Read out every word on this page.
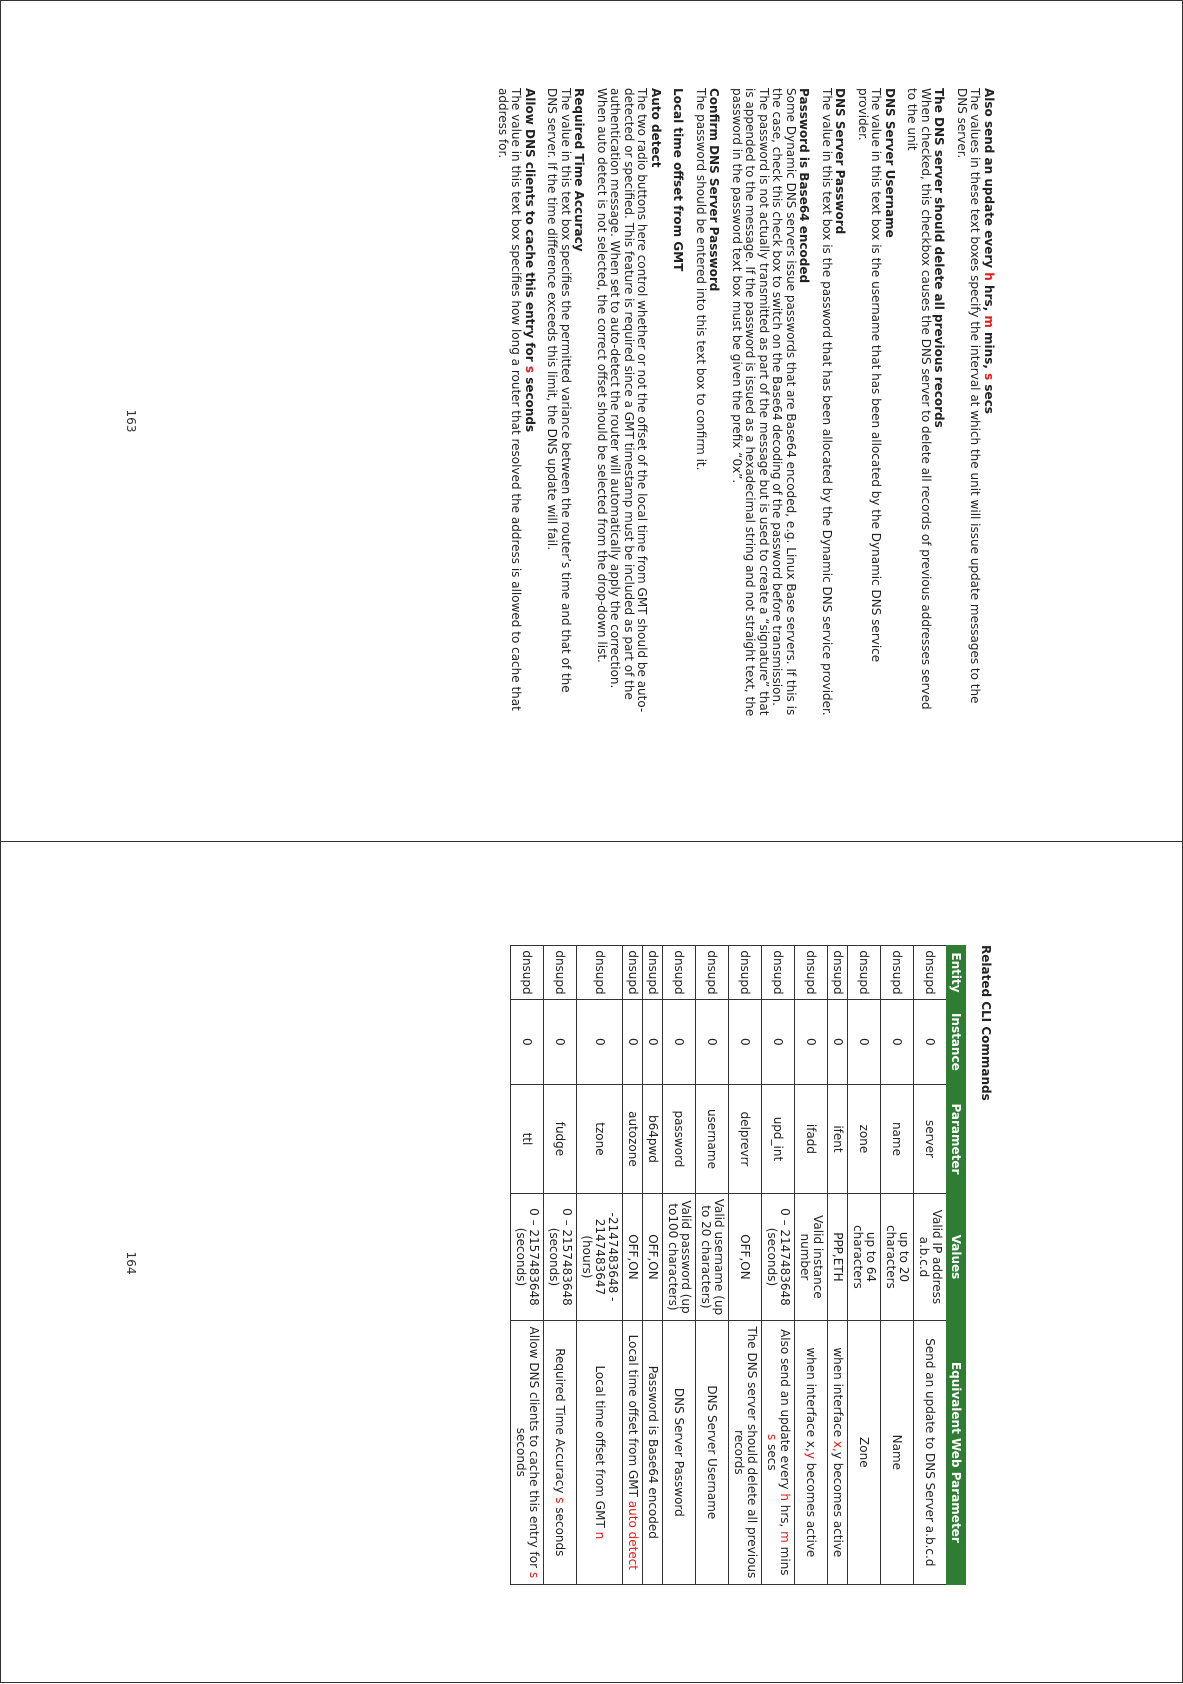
Also send an update every h hrs, m mins, s secs
The values in these text boxes specify the interval at which the unit will issue update messages to the DNS server.
The DNS server should delete all previous records
When checked, this checkbox causes the DNS server to delete all records of previous addresses served to the unit
DNS Server Username
The value in this text box is the username that has been allocated by the Dynamic DNS service provider.
DNS Server Password
The value in this text box is the password that has been allocated by the Dynamic DNS service provider.
Password is Base64 encoded
Some Dynamic DNS servers issue passwords that are Base64 encoded, e.g. Linux Base servers. If this is the case, check this check box to switch on the Base64 decoding of the password before transmission. The password is not actually transmitted as part of the message but is used to create a “signature” that is appended to the message. If the password is issued as a hexadecimal string and not straight text, the password in the password text box must be given the prefix “0x”.
Confirm DNS Server Password
The password should be entered into this text box to confirm it.
Local time offset from GMT
Auto detect
The two radio buttons here control whether or not the offset of the local time from GMT should be auto-detected or specified. This feature is required since a GMT timestamp must be included as part of the authentication message. When set to auto-detect the router will automatically apply the correction. When auto detect is not selected, the correct offset should be selected from the drop-down list.
Required Time Accuracy
The value in this text box specifies the permitted variance between the router’s time and that of the DNS server. If the time difference exceeds this limit, the DNS update will fail.
Allow DNS clients to cache this entry for s seconds
The value in this text box specifies how long a router that resolved the address is allowed to cache that address for.
163
Related CLI Commands
Entity	Instance	Parameter	Values	Equivalent Web Parameter
dnsupd	0	server	Valid IP address a.b.c.d	Send an update to DNS Server a.b.c.d
dnsupd	0	name	up to 20 characters	Name
dnsupd	0	zone	up to 64 characters	Zone
dnsupd	0	ifent	PPP,ETH	when interface x,y becomes active
dnsupd	0	ifadd	Valid instance number	when interface x,y becomes active
dnsupd	0	upd_int	0 – 2147483648 (seconds)	Also send an update every h hrs, m mins s secs
dnsupd	0	delprevrr	OFF,ON	The DNS server should delete all previous records
dnsupd	0	username	Valid username (up to 20 characters)	DNS Server Username
dnsupd	0	password	Valid password (up to100 characters)	DNS Server Password
dnsupd	0	b64pwd	OFF,ON	Password is Base64 encoded
dnsupd	0	autozone	OFF,ON	Local time offset from GMT auto detect
dnsupd	0	tzone	-2147483648 - 2147483647 (hours)	Local time offset from GMT n
dnsupd	0	fudge	0 – 2157483648 (seconds)	Required Time Accuracy s seconds
dnsupd	0	ttl	0 – 2157483648 (seconds)	Allow DNS clients to cache this entry for s seconds
164
